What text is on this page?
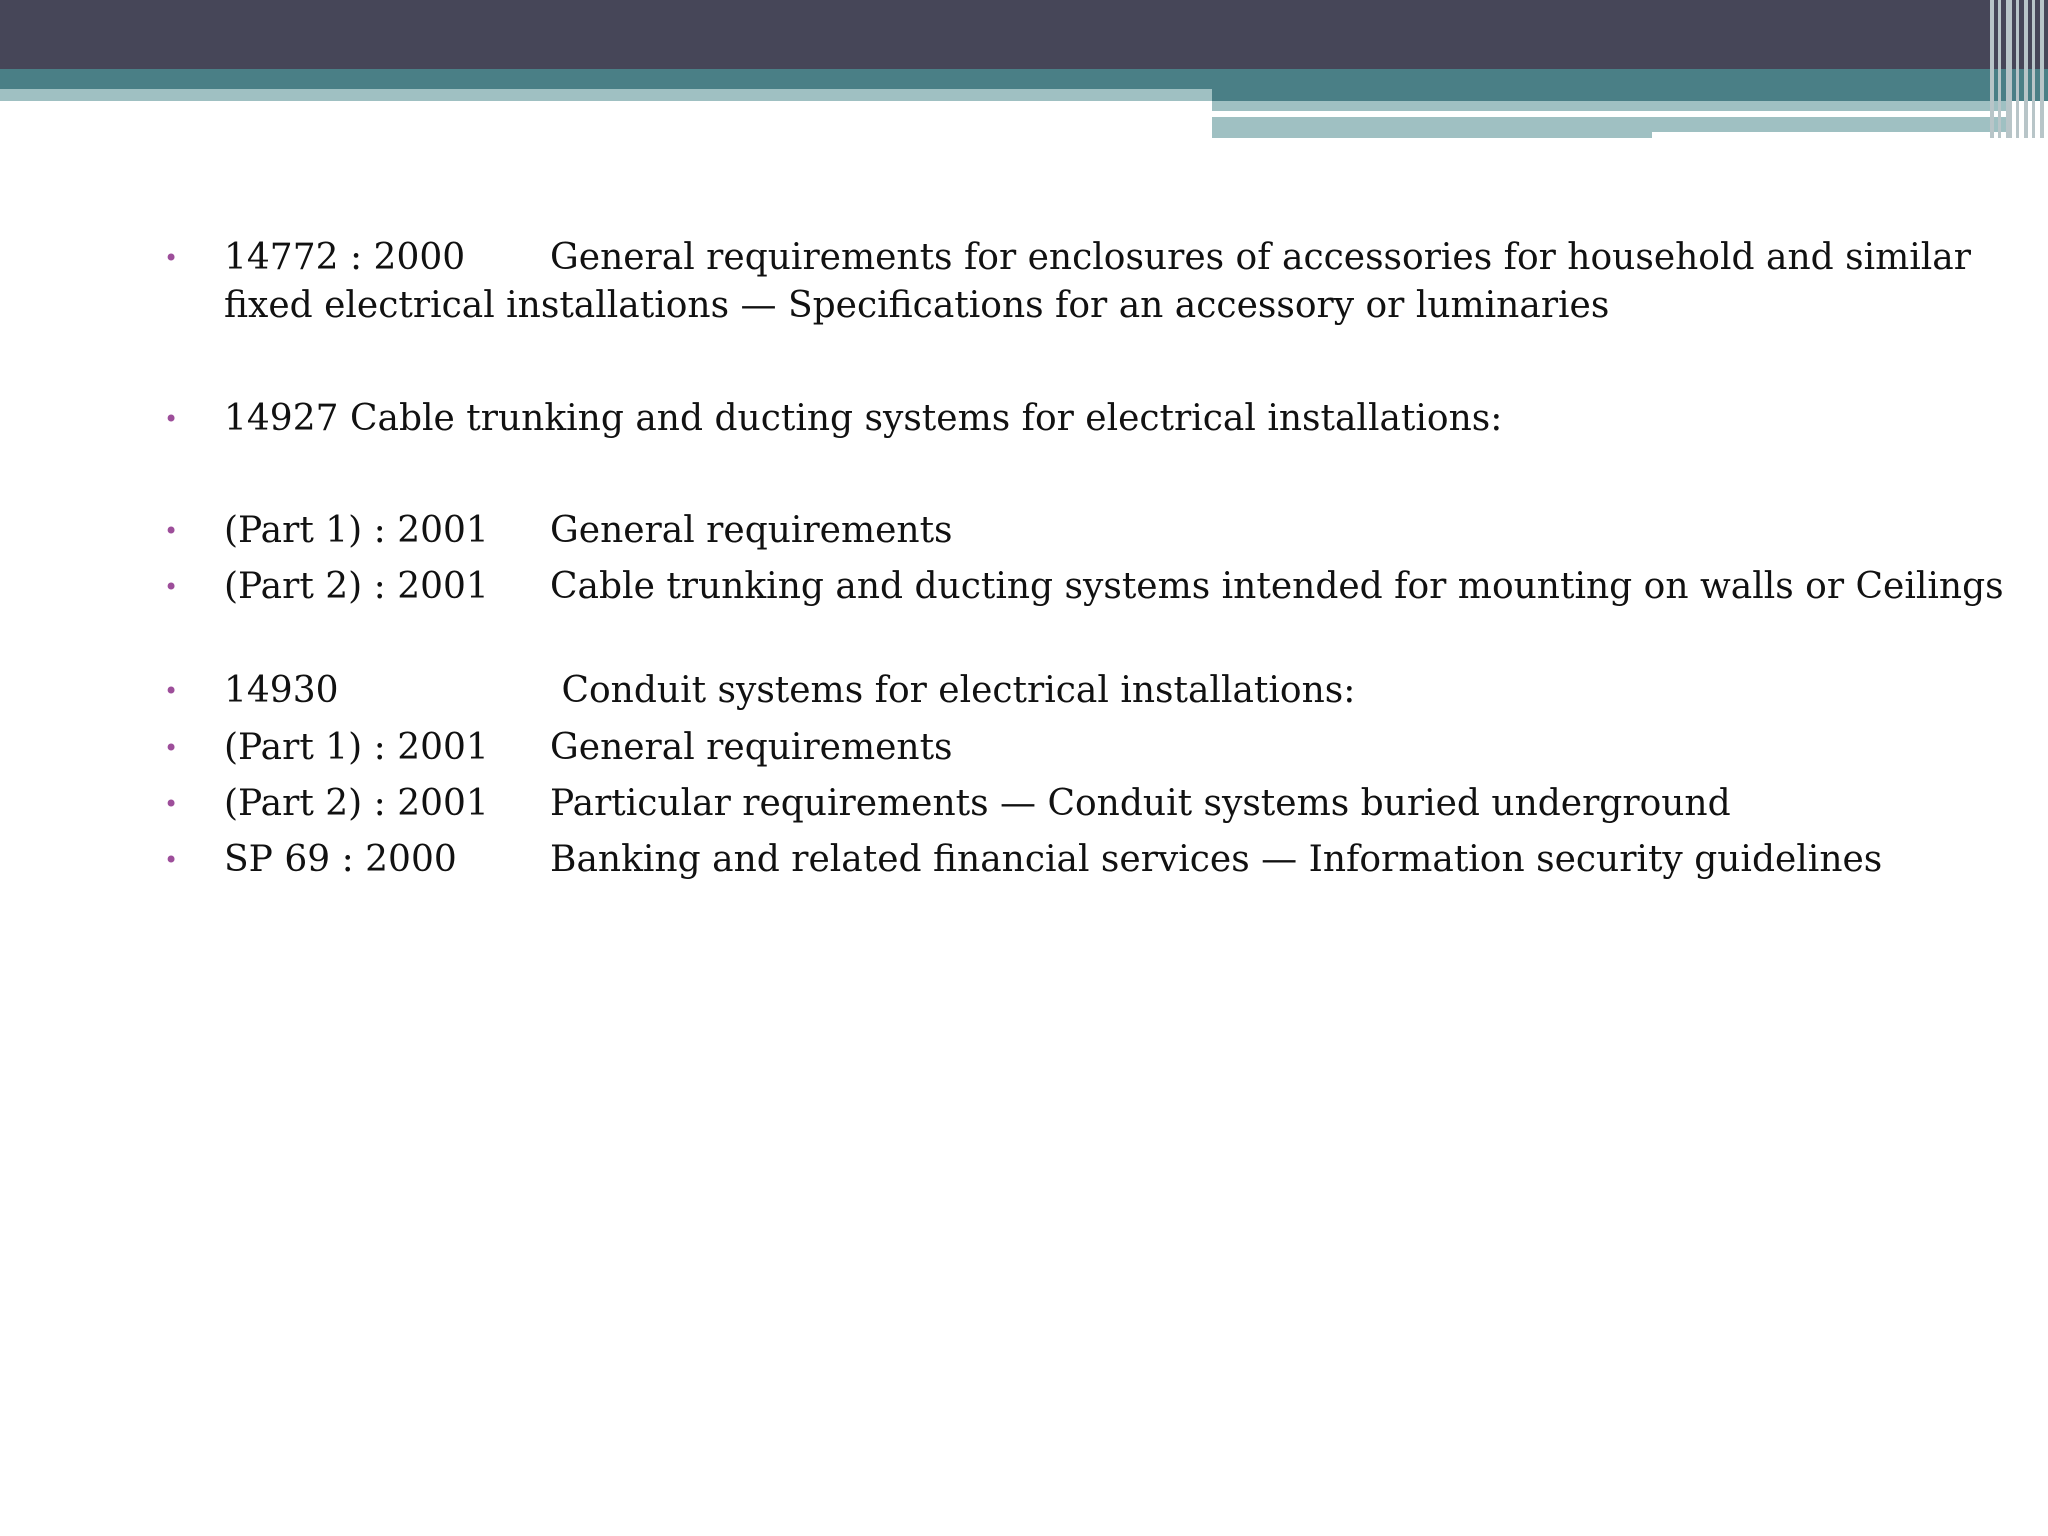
• 14772 : 2000 General requirements for enclosures of accessories for household and similar
fixed electrical installations — Specifications for an accessory or luminaries
• 14927 Cable trunking and ducting systems for electrical installations:
• (Part 1) : 2001 General requirements
• (Part 2) : 2001 Cable trunking and ducting systems intended for mounting on walls or Ceilings
• 14930	Conduit systems for electrical installations:
• (Part 1) : 2001 General requirements
• (Part 2) : 2001 Particular requirements — Conduit systems buried underground
• SP 69 : 2000	Banking and related financial services — Information security guidelines
